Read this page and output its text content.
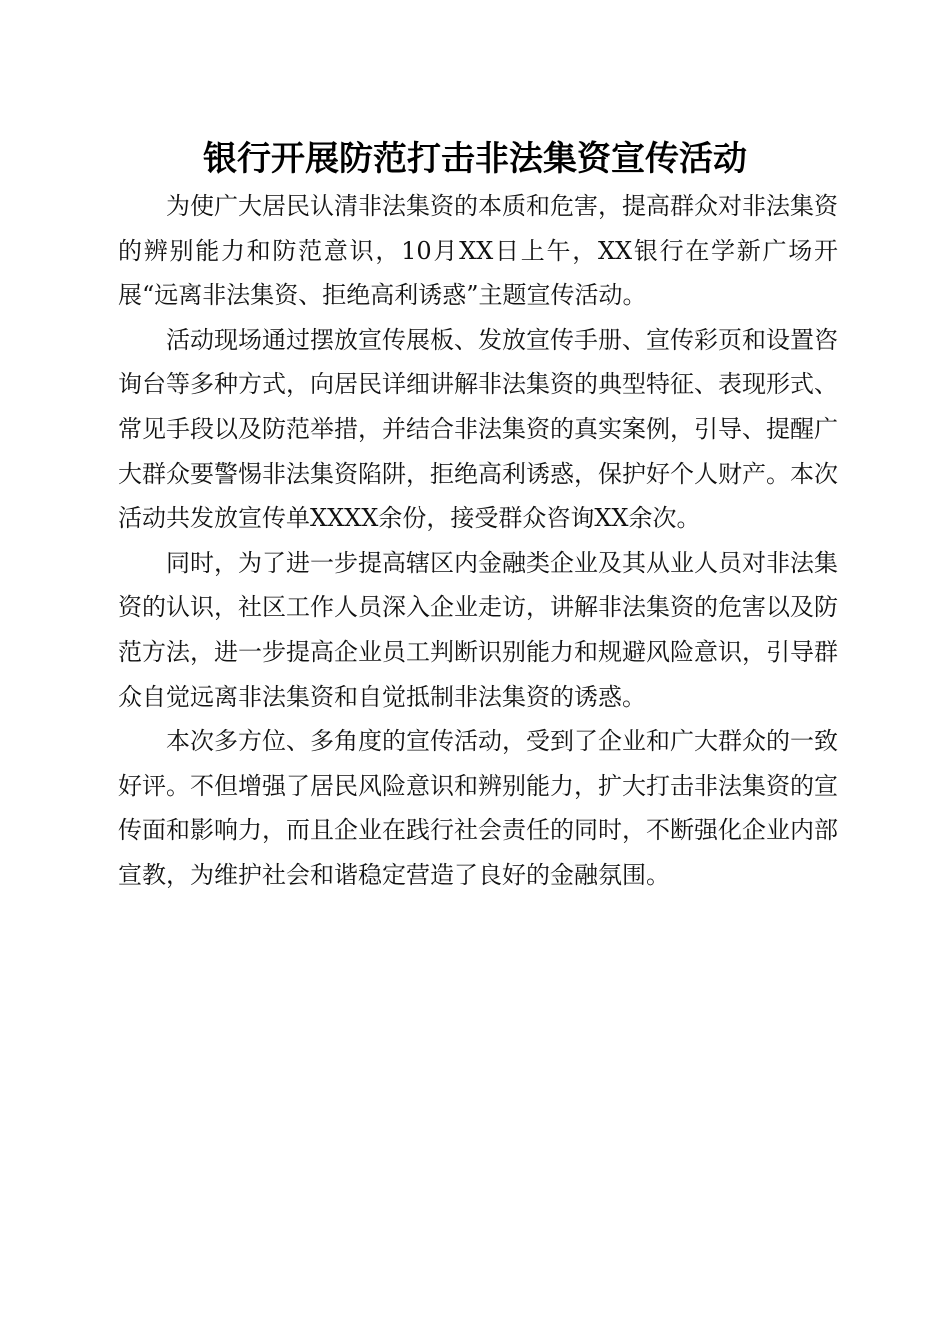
银行开展防范打击非法集资宣传活动

为使广大居民认清非法集资的本质和危害，提高群众对非法集资的辨别能力和防范意识，10月XX日上午，XX银行在学新广场开展“远离非法集资、拒绝高利诱惑”主题宣传活动。

活动现场通过摆放宣传展板、发放宣传手册、宣传彩页和设置咨询台等多种方式，向居民详细讲解非法集资的典型特征、表现形式、常见手段以及防范举措，并结合非法集资的真实案例，引导、提醒广大群众要警惕非法集资陷阱，拒绝高利诱惑，保护好个人财产。本次活动共发放宣传单XXXX余份，接受群众咨询XX余次。

同时，为了进一步提高辖区内金融类企业及其从业人员对非法集资的认识，社区工作人员深入企业走访，讲解非法集资的危害以及防范方法，进一步提高企业员工判断识别能力和规避风险意识，引导群众自觉远离非法集资和自觉抵制非法集资的诱惑。

本次多方位、多角度的宣传活动，受到了企业和广大群众的一致好评。不但增强了居民风险意识和辨别能力，扩大打击非法集资的宣传面和影响力，而且企业在践行社会责任的同时，不断强化企业内部宣教，为维护社会和谐稳定营造了良好的金融氛围。
